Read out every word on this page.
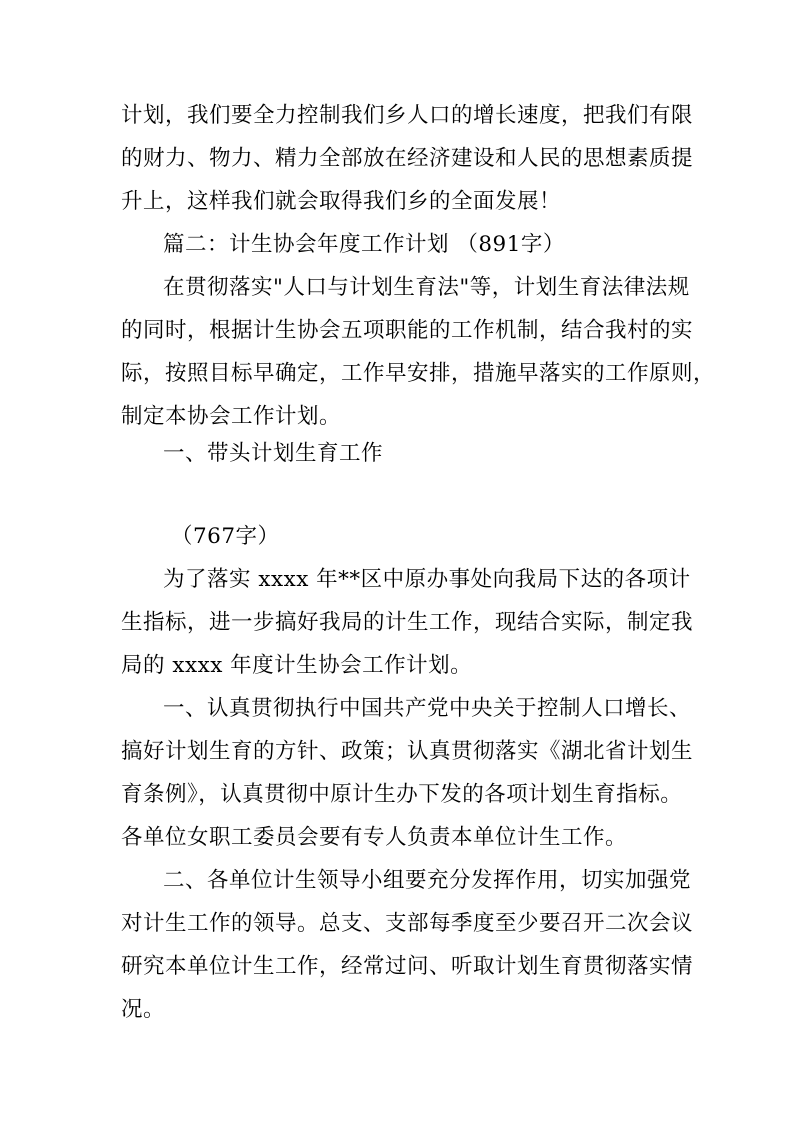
计划，我们要全力控制我们乡人口的增长速度，把我们有限
的财力、物力、精力全部放在经济建设和人民的思想素质提
升上，这样我们就会取得我们乡的全面发展！
篇二：计生协会年度工作计划 （891字）
在贯彻落实"人口与计划生育法"等，计划生育法律法规
的同时，根据计生协会五项职能的工作机制，结合我村的实
际，按照目标早确定，工作早安排，措施早落实的工作原则，
制定本协会工作计划。
一、带头计划生育工作
（767字）
为了落实 xxxx 年**区中原办事处向我局下达的各项计
生指标，进一步搞好我局的计生工作，现结合实际，制定我
局的 xxxx 年度计生协会工作计划。
一、认真贯彻执行中国共产党中央关于控制人口增长、
搞好计划生育的方针、政策；认真贯彻落实《湖北省计划生
育条例》，认真贯彻中原计生办下发的各项计划生育指标。
各单位女职工委员会要有专人负责本单位计生工作。
二、各单位计生领导小组要充分发挥作用，切实加强党
对计生工作的领导。总支、支部每季度至少要召开二次会议
研究本单位计生工作，经常过问、听取计划生育贯彻落实情
况。
